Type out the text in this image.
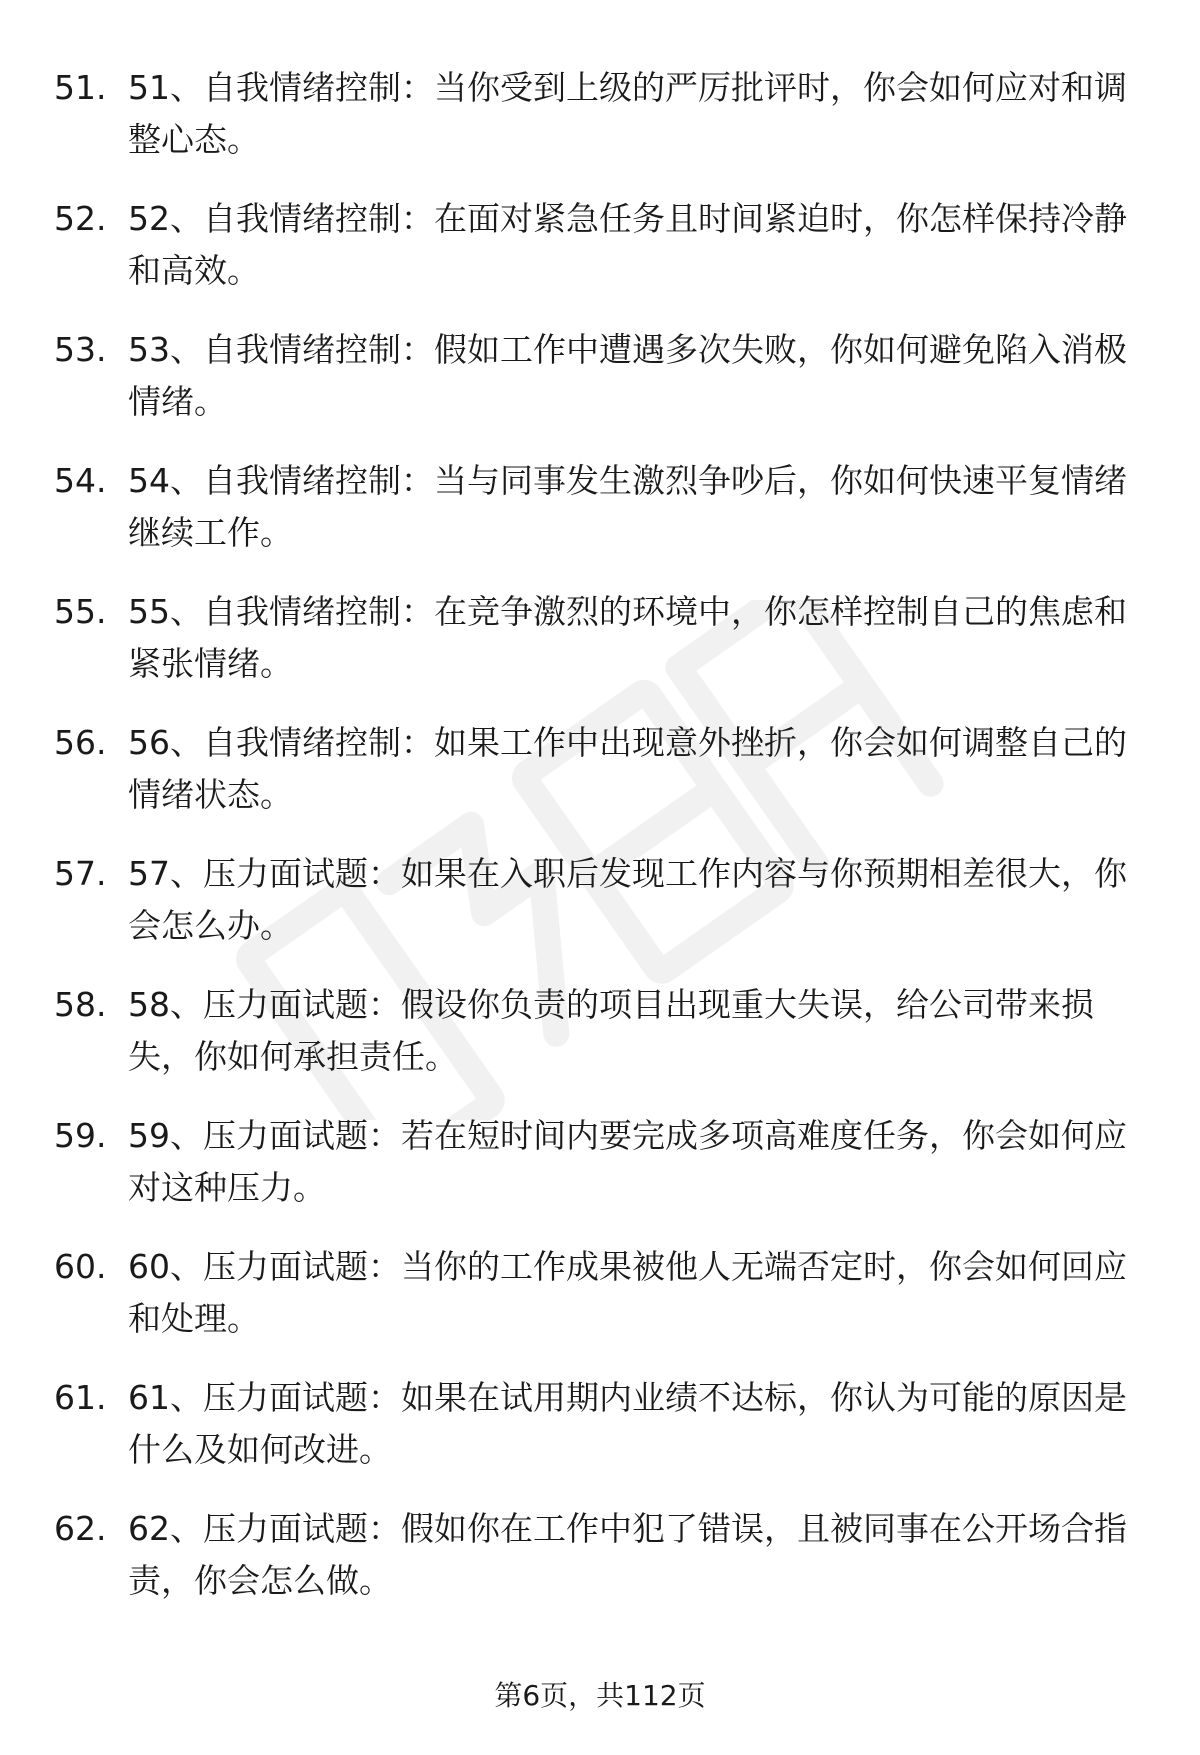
51. 51、自我情绪控制：当你受到上级的严厉批评时，你会如何应对和调整心态。
52. 52、自我情绪控制：在面对紧急任务且时间紧迫时，你怎样保持冷静和高效。
53. 53、自我情绪控制：假如工作中遭遇多次失败，你如何避免陷入消极情绪。
54. 54、自我情绪控制：当与同事发生激烈争吵后，你如何快速平复情绪继续工作。
55. 55、自我情绪控制：在竞争激烈的环境中，你怎样控制自己的焦虑和紧张情绪。
56. 56、自我情绪控制：如果工作中出现意外挫折，你会如何调整自己的情绪状态。
57. 57、压力面试题：如果在入职后发现工作内容与你预期相差很大，你会怎么办。
58. 58、压力面试题：假设你负责的项目出现重大失误，给公司带来损失，你如何承担责任。
59. 59、压力面试题：若在短时间内要完成多项高难度任务，你会如何应对这种压力。
60. 60、压力面试题：当你的工作成果被他人无端否定时，你会如何回应和处理。
61. 61、压力面试题：如果在试用期内业绩不达标，你认为可能的原因是什么及如何改进。
62. 62、压力面试题：假如你在工作中犯了错误，且被同事在公开场合指责，你会怎么做。
第6页，共112页
